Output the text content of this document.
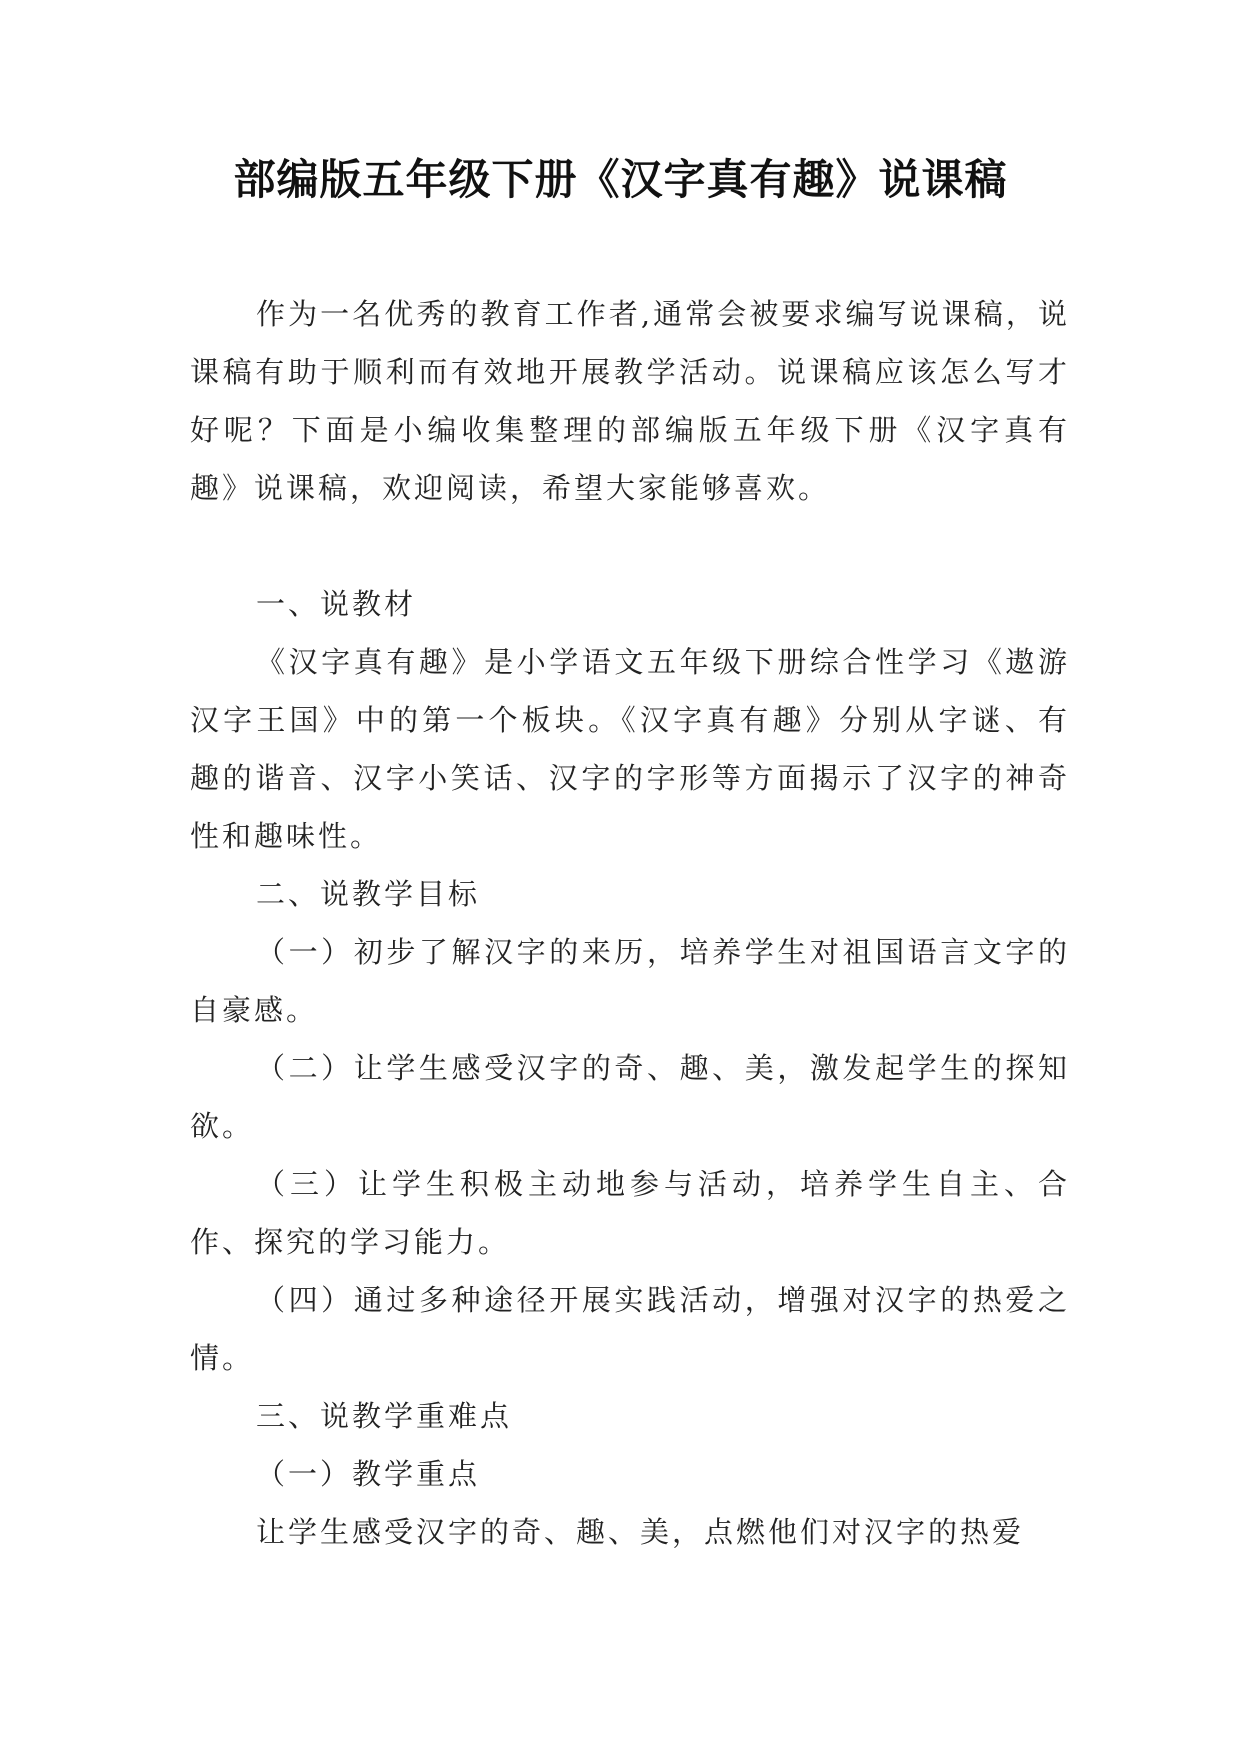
部编版五年级下册《汉字真有趣》说课稿

作为一名优秀的教育工作者,通常会被要求编写说课稿，说课稿有助于顺利而有效地开展教学活动。说课稿应该怎么写才好呢？下面是小编收集整理的部编版五年级下册《汉字真有趣》说课稿，欢迎阅读，希望大家能够喜欢。

一、说教材

《汉字真有趣》是小学语文五年级下册综合性学习《遨游汉字王国》中的第一个板块。《汉字真有趣》分别从字谜、有趣的谐音、汉字小笑话、汉字的字形等方面揭示了汉字的神奇性和趣味性。

二、说教学目标

（一）初步了解汉字的来历，培养学生对祖国语言文字的自豪感。

（二）让学生感受汉字的奇、趣、美，激发起学生的探知欲。

（三）让学生积极主动地参与活动，培养学生自主、合作、探究的学习能力。

（四）通过多种途径开展实践活动，增强对汉字的热爱之情。

三、说教学重难点

（一）教学重点

让学生感受汉字的奇、趣、美，点燃他们对汉字的热爱
